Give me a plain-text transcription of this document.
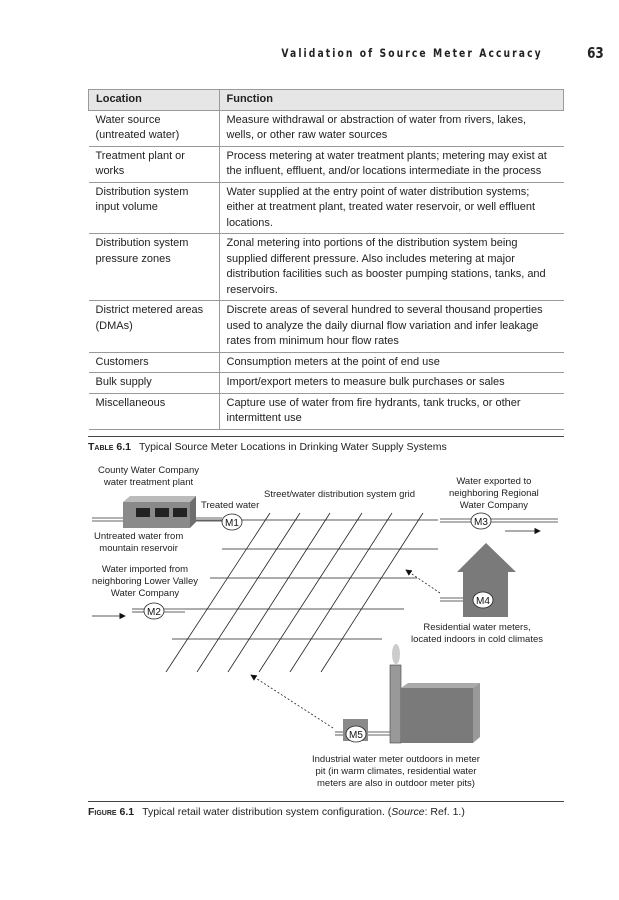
Validation of Source Meter Accuracy	63
Location	Function
Water source (untreated water)	Measure withdrawal or abstraction of water from rivers, lakes, wells, or other raw water sources
Treatment plant or works	Process metering at water treatment plants; metering may exist at the influent, effluent, and/or locations intermediate in the process
Distribution system input volume	Water supplied at the entry point of water distribution systems; either at treatment plant, treated water reservoir, or well effluent locations.
Distribution system pressure zones	Zonal metering into portions of the distribution system being supplied different pressure. Also includes metering at major distribution facilities such as booster pumping stations, tanks, and reservoirs.
District metered areas (DMAs)	Discrete areas of several hundred to several thousand properties used to analyze the daily diurnal flow variation and infer leakage rates from minimum hour flow rates
Customers	Consumption meters at the point of end use
Bulk supply	Import/export meters to measure bulk purchases or sales
Miscellaneous	Capture use of water from fire hydrants, tank trucks, or other intermittent use
Table 6.1 Typical Source Meter Locations in Drinking Water Supply Systems
M1
M2
M3
M4
M5
County Water Company
water treatment plant
Treated water
Street/water distribution system grid
Water exported to
neighboring Regional
Water Company
Untreated water from
mountain reservoir
Water imported from
neighboring Lower Valley
Water Company
Residential water meters,
located indoors in cold climates
Industrial water meter outdoors in meter
pit (in warm climates, residential water
meters are also in outdoor meter pits)
Figure 6.1 Typical retail water distribution system configuration. (Source: Ref. 1.)
